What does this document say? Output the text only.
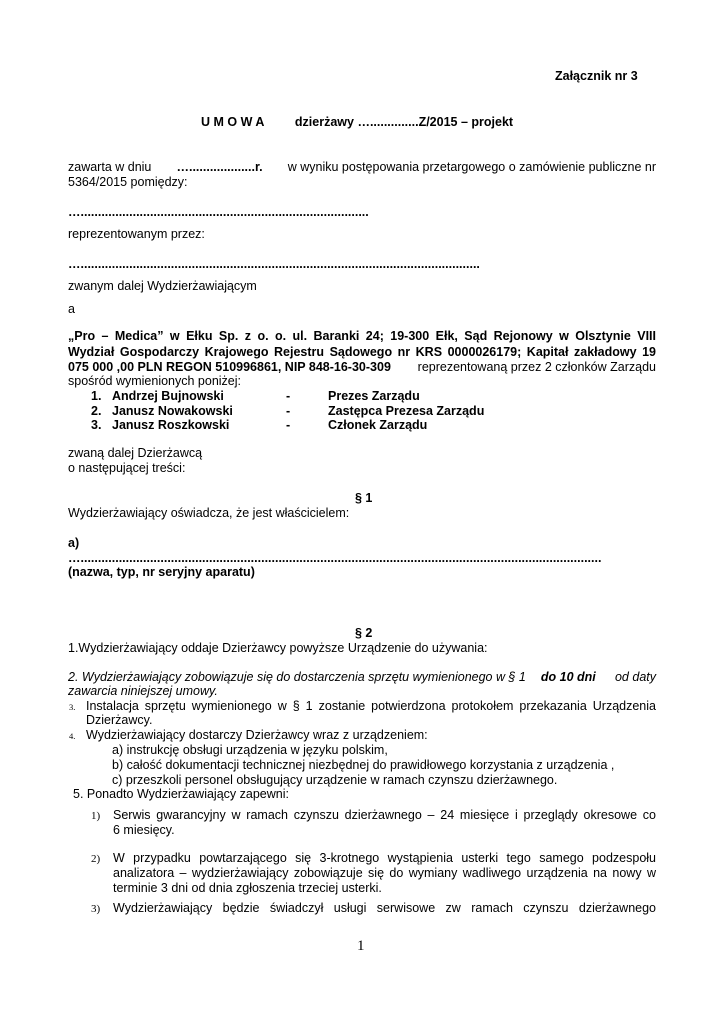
Załącznik nr 3
U M O W A dzierżawy …..............Z/2015 – projekt
zawarta w dniu …...................r. w wyniku postępowania przetargowego o zamówienie publiczne nr
5364/2015 pomiędzy:
…...................................................................................
reprezentowanym przez:
…...................................................................................................................
zwanym dalej Wydzierżawiającym
a
„Pro – Medica” w Ełku Sp. z o. o. ul. Baranki 24; 19-300 Ełk, Sąd Rejonowy w Olsztynie VIII
Wydział Gospodarczy Krajowego Rejestru Sądowego nr KRS 0000026179; Kapitał zakładowy 19
075 000 ,00 PLN REGON 510996861, NIP 848-16-30-309 reprezentowaną przez 2 członków Zarządu
spośród wymienionych poniżej:
1. Andrzej Bujnowski	-	Prezes Zarządu
2. Janusz Nowakowski	-	Zastępca Prezesa Zarządu
3. Janusz Roszkowski	-	Członek Zarządu
zwaną dalej Dzierżawcą
o następującej treści:
§ 1
Wydzierżawiający oświadcza, że jest właścicielem:
a)
…......................................................................................................................................................
(nazwa, typ, nr seryjny aparatu)
§ 2
1.Wydzierżawiający oddaje Dzierżawcy powyższe Urządzenie do używania:
2. Wydzierżawiający zobowiązuje się do dostarczenia sprzętu wymienionego w § 1 do 10 dni od daty
zawarcia niniejszej umowy.
3. Instalacja sprzętu wymienionego w § 1 zostanie potwierdzona protokołem przekazania Urządzenia
Dzierżawcy.
4. Wydzierżawiający dostarczy Dzierżawcy wraz z urządzeniem:
a) instrukcję obsługi urządzenia w języku polskim,
b) całość dokumentacji technicznej niezbędnej do prawidłowego korzystania z urządzenia ,
c) przeszkoli personel obsługujący urządzenie w ramach czynszu dzierżawnego.
5. Ponadto Wydzierżawiający zapewni:
1) Serwis gwarancyjny w ramach czynszu dzierżawnego – 24 miesięce i przeglądy okresowe co
6 miesięcy.
2) W przypadku powtarzającego się 3-krotnego wystąpienia usterki tego samego podzespołu
analizatora – wydzierżawiający zobowiązuje się do wymiany wadliwego urządzenia na nowy w
terminie 3 dni od dnia zgłoszenia trzeciej usterki.
3) Wydzierżawiający będzie świadczył usługi serwisowe zw ramach czynszu dzierżawnego
1
